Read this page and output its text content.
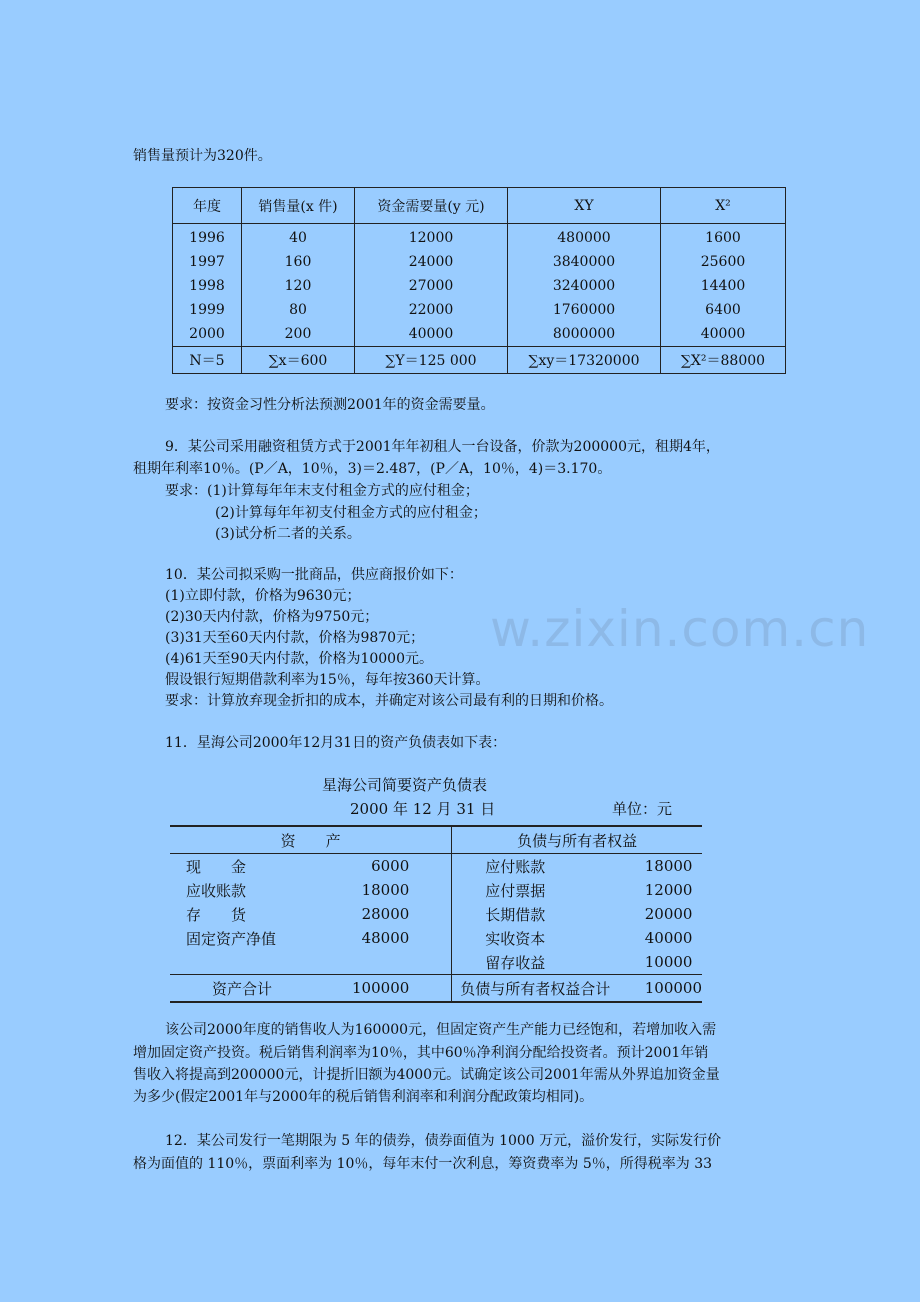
w.zixin.com.cn
销售量预计为320件。
年度	销售量(x 件)	资金需要量(y 元)	XY	X²
1996	40	12000	480000	1600
1997	160	24000	3840000	25600
1998	120	27000	3240000	14400
1999	80	22000	1760000	6400
2000	200	40000	8000000	40000
N＝5	∑x＝600	∑Y＝125 000	∑xy＝17320000	∑X²＝88000
要求：按资金习性分析法预测2001年的资金需要量。
9．某公司采用融资租赁方式于2001年年初租人一台设备，价款为200000元，租期4年，
租期年利率10％。(P／A，10％，3)＝2.487，(P／A，10％，4)＝3.170。
要求：(1)计算每年年末支付租金方式的应付租金；
(2)计算每年年初支付租金方式的应付租金；
(3)试分析二者的关系。
10．某公司拟采购一批商品，供应商报价如下：
(1)立即付款，价格为9630元；
(2)30天内付款，价格为9750元；
(3)31天至60天内付款，价格为9870元；
(4)61天至90天内付款，价格为10000元。
假设银行短期借款利率为15％，每年按360天计算。
要求：计算放弃现金折扣的成本，并确定对该公司最有利的日期和价格。
11．星海公司2000年12月31日的资产负债表如下表：
星海公司简要资产负债表
2000 年 12 月 31 日	单位：元
资　　产		负债与所有者权益	
现　　金	6000	应付账款	18000
应收账款	18000	应付票据	12000
存　　货	28000	长期借款	20000
固定资产净值	48000	实收资本	40000
		留存收益	10000
资产合计	100000	负债与所有者权益合计	100000
该公司2000年度的销售收人为160000元，但固定资产生产能力已经饱和，若增加收入需
增加固定资产投资。税后销售利润率为10％，其中60％净利润分配给投资者。预计2001年销
售收入将提高到200000元，计提折旧额为4000元。试确定该公司2001年需从外界追加资金量
为多少(假定2001年与2000年的税后销售利润率和利润分配政策均相同)。
12．某公司发行一笔期限为 5 年的债券，债券面值为 1000 万元，溢价发行，实际发行价
格为面值的 110％，票面利率为 10％，每年末付一次利息，筹资费率为 5％，所得税率为 33
